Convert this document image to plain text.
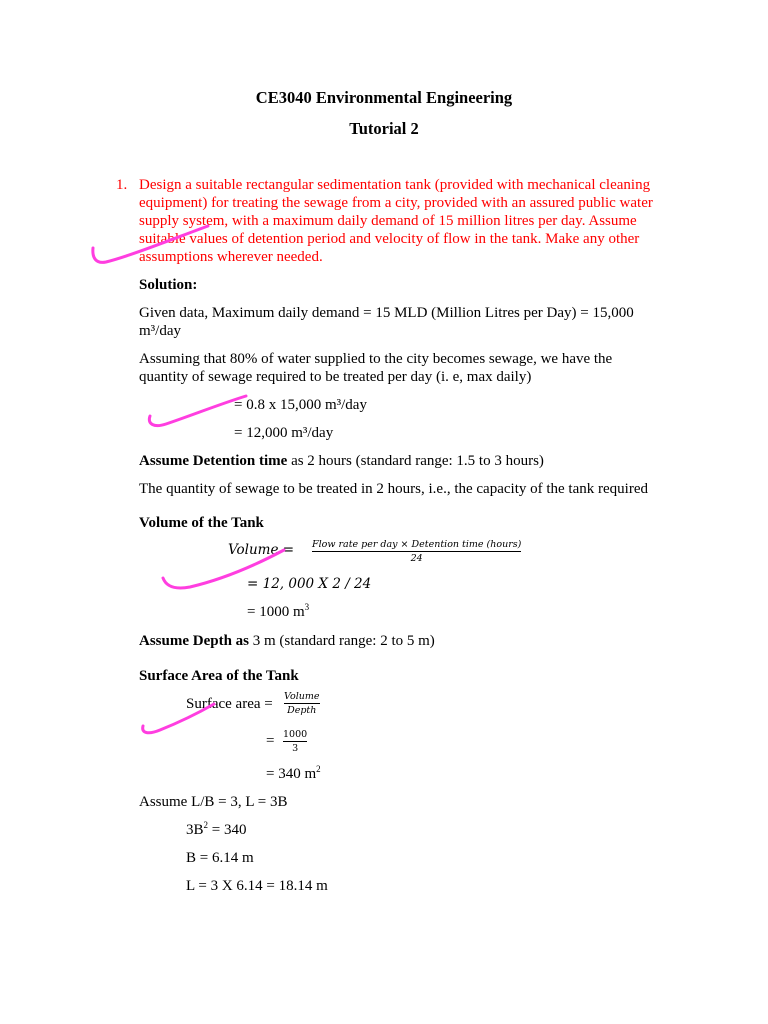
CE3040 Environmental Engineering
Tutorial 2
1. Design a suitable rectangular sedimentation tank (provided with mechanical cleaning
equipment) for treating the sewage from a city, provided with an assured public water
supply system, with a maximum daily demand of 15 million litres per day. Assume
suitable values of detention period and velocity of flow in the tank. Make any other
assumptions wherever needed.
Solution:
Given data, Maximum daily demand = 15 MLD (Million Litres per Day) = 15,000
m³/day
Assuming that 80% of water supplied to the city becomes sewage, we have the
quantity of sewage required to be treated per day (i. e, max daily)
= 0.8 x 15,000 m³/day
= 12,000 m³/day
Assume Detention time as 2 hours (standard range: 1.5 to 3 hours)
The quantity of sewage to be treated in 2 hours, i.e., the capacity of the tank required
Volume of the Tank
Volume = Flow rate per day × Detention time (hours)
24
= 12, 000 X 2 / 24
= 1000 $m^3$
Assume Depth as 3 m (standard range: 2 to 5 m)
Surface Area of the Tank
Surface area = Volume
Depth
= 1000
3
= 340 $m^2$
Assume L/B = 3, L = 3B
$3B^2 = 340$
B = 6.14 m
L = 3 X 6.14 = 18.14 m
